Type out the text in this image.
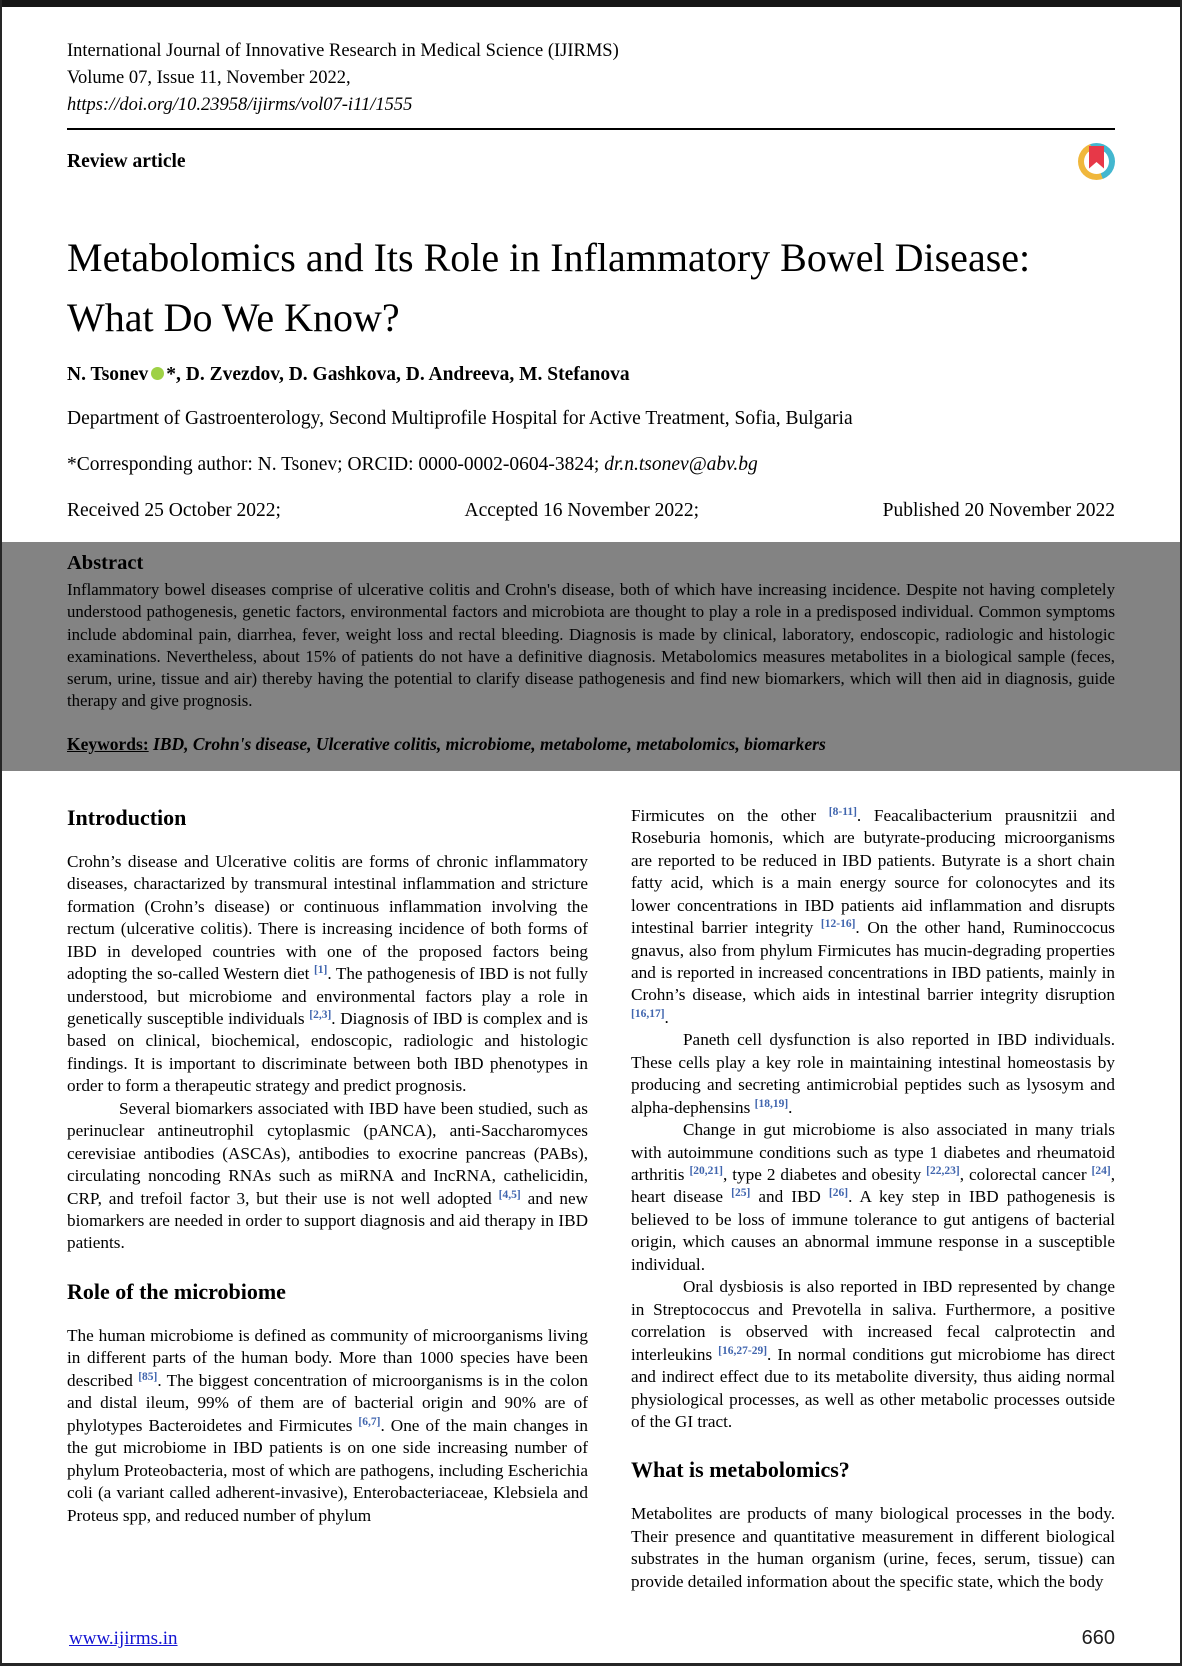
International Journal of Innovative Research in Medical Science (IJIRMS)
Volume 07, Issue 11, November 2022,
https://doi.org/10.23958/ijirms/vol07-i11/1555
Review article
Metabolomics and Its Role in Inflammatory Bowel Disease: What Do We Know?
N. Tsonev *, D. Zvezdov, D. Gashkova, D. Andreeva, M. Stefanova
Department of Gastroenterology, Second Multiprofile Hospital for Active Treatment, Sofia, Bulgaria
*Corresponding author: N. Tsonev; ORCID: 0000-0002-0604-3824; dr.n.tsonev@abv.bg
Received 25 October 2022;	Accepted 16 November 2022;	Published 20 November 2022
Abstract

Inflammatory bowel diseases comprise of ulcerative colitis and Crohn's disease, both of which have increasing incidence. Despite not having completely understood pathogenesis, genetic factors, environmental factors and microbiota are thought to play a role in a predisposed individual. Common symptoms include abdominal pain, diarrhea, fever, weight loss and rectal bleeding. Diagnosis is made by clinical, laboratory, endoscopic, radiologic and histologic examinations. Nevertheless, about 15% of patients do not have a definitive diagnosis. Metabolomics measures metabolites in a biological sample (feces, serum, urine, tissue and air) thereby having the potential to clarify disease pathogenesis and find new biomarkers, which will then aid in diagnosis, guide therapy and give prognosis.

Keywords: IBD, Crohn's disease, Ulcerative colitis, microbiome, metabolome, metabolomics, biomarkers
Introduction

Crohn’s disease and Ulcerative colitis are forms of chronic inflammatory diseases, charactarized by transmural intestinal inflammation and stricture formation (Crohn’s disease) or continuous inflammation involving the rectum (ulcerative colitis). There is increasing incidence of both forms of IBD in developed countries with one of the proposed factors being adopting the so-called Western diet [1]. The pathogenesis of IBD is not fully understood, but microbiome and environmental factors play a role in genetically susceptible individuals [2,3]. Diagnosis of IBD is complex and is based on clinical, biochemical, endoscopic, radiologic and histologic findings. It is important to discriminate between both IBD phenotypes in order to form a therapeutic strategy and predict prognosis.

Several biomarkers associated with IBD have been studied, such as perinuclear antineutrophil cytoplasmic (pANCA), anti-Saccharomyces cerevisiae antibodies (ASCAs), antibodies to exocrine pancreas (PABs), circulating noncoding RNAs such as miRNA and IncRNA, cathelicidin, CRP, and trefoil factor 3, but their use is not well adopted [4,5] and new biomarkers are needed in order to support diagnosis and aid therapy in IBD patients.

Role of the microbiome

The human microbiome is defined as community of microorganisms living in different parts of the human body. More than 1000 species have been described [85]. The biggest concentration of microorganisms is in the colon and distal ileum, 99% of them are of bacterial origin and 90% are of phylotypes Bacteroidetes and Firmicutes [6,7]. One of the main changes in the gut microbiome in IBD patients is on one side increasing number of phylum Proteobacteria, most of which are pathogens, including Escherichia coli (a variant called adherent-invasive), Enterobacteriaceae, Klebsiela and Proteus spp, and reduced number of phylum

Firmicutes on the other [8-11]. Feacalibacterium prausnitzii and Roseburia homonis, which are butyrate-producing microorganisms are reported to be reduced in IBD patients. Butyrate is a short chain fatty acid, which is a main energy source for colonocytes and its lower concentrations in IBD patients aid inflammation and disrupts intestinal barrier integrity [12-16]. On the other hand, Ruminoccocus gnavus, also from phylum Firmicutes has mucin-degrading properties and is reported in increased concentrations in IBD patients, mainly in Crohn’s disease, which aids in intestinal barrier integrity disruption [16,17].

Paneth cell dysfunction is also reported in IBD individuals. These cells play a key role in maintaining intestinal homeostasis by producing and secreting antimicrobial peptides such as lysosym and alpha-dephensins [18,19].

Change in gut microbiome is also associated in many trials with autoimmune conditions such as type 1 diabetes and rheumatoid arthritis [20,21], type 2 diabetes and obesity [22,23], colorectal cancer [24], heart disease [25] and IBD [26]. A key step in IBD pathogenesis is believed to be loss of immune tolerance to gut antigens of bacterial origin, which causes an abnormal immune response in a susceptible individual.

Oral dysbiosis is also reported in IBD represented by change in Streptococcus and Prevotella in saliva. Furthermore, a positive correlation is observed with increased fecal calprotectin and interleukins [16,27-29]. In normal conditions gut microbiome has direct and indirect effect due to its metabolite diversity, thus aiding normal physiological processes, as well as other metabolic processes outside of the GI tract.

What is metabolomics?

Metabolites are products of many biological processes in the body. Their presence and quantitative measurement in different biological substrates in the human organism (urine, feces, serum, tissue) can provide detailed information about the specific state, which the body

www.ijirms.in	660
